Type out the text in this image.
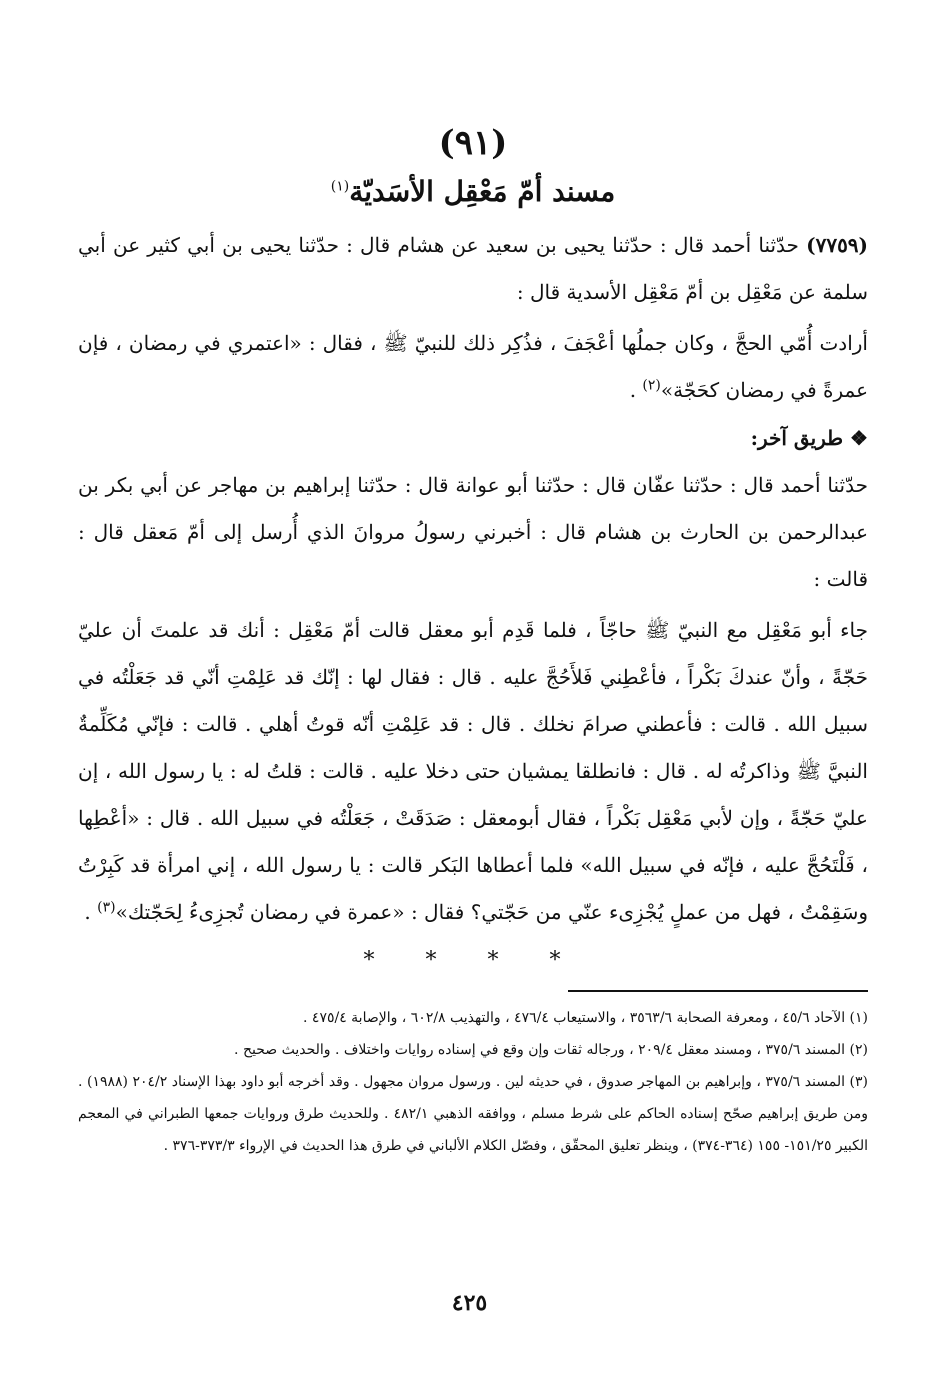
(٩١)
مسند أمّ مَعْقِل الأسَديّة$^{(١)}$

(٧٧٥٩) حدّثنا أحمد قال : حدّثنا يحيى بن سعيد عن هشام قال : حدّثنا يحيى بن أبي كثير عن أبي سلمة عن مَعْقِل بن أمّ مَعْقِل الأسدية قال :

أرادت أُمّي الحجَّ ، وكان جملُها أعْجَفَ ، فذُكِر ذلك للنبيّ ﷺ ، فقال : «اعتمري في رمضان ، فإن عمرةً في رمضان كحَجّة»$^{(٢)}$ .

❖ طريق آخر:

حدّثنا أحمد قال : حدّثنا عفّان قال : حدّثنا أبو عوانة قال : حدّثنا إبراهيم بن مهاجر عن أبي بكر بن عبدالرحمن بن الحارث بن هشام قال : أخبرني رسولُ مروانَ الذي أُرسل إلى أمّ مَعقل قال : قالت :

جاء أبو مَعْقِل مع النبيّ ﷺ حاجّاً ، فلما قَدِم أبو معقل قالت أمّ مَعْقِل : أنك قد علمتَ أن عليّ حَجّةً ، وأنّ عندكَ بَكْراً ، فأعْطِني فَلأَحُجَّ عليه . قال : فقال لها : إنّك قد عَلِمْتِ أنّي قد جَعَلْتُه في سبيل الله . قالت : فأعطني صرامَ نخلك . قال : قد عَلِمْتِ أنّه قوتُ أهلي . قالت : فإنّي مُكَلِّمةٌ النبيَّ ﷺ وذاكرتُه له . قال : فانطلقا يمشيان حتى دخلا عليه . قالت : قلتُ له : يا رسول الله ، إن عليّ حَجّةً ، وإن لأبي مَعْقِل بَكْراً ، فقال أبومعقل : صَدَقَتْ ، جَعَلْتُه في سبيل الله . قال : «أعْطِها ، فَلْتَحُجَّ عليه ، فإنّه في سبيل الله» فلما أعطاها البَكر قالت : يا رسول الله ، إني امرأة قد كَبِرْتُ وسَقِمْتُ ، فهل من عملٍ يُجْزِىء عنّي من حَجّتي؟ فقال : «عمرة في رمضان تُجزِىءُ لِحَجّتك»$^{(٣)}$ .

* * * *

(١) الآحاد ٤٥/٦ ، ومعرفة الصحابة ٣٥٦٣/٦ ، والاستيعاب ٤٧٦/٤ ، والتهذيب ٦٠٢/٨ ، والإصابة ٤٧٥/٤ .

(٢) المسند ٣٧٥/٦ ، ومسند معقل ٢٠٩/٤ ، ورجاله ثقات وإن وقع في إسناده روايات واختلاف . والحديث صحيح .

(٣) المسند ٣٧٥/٦ ، وإبراهيم بن المهاجر صدوق ، في حديثه لين . ورسول مروان مجهول . وقد أخرجه أبو داود بهذا الإسناد ٢٠٤/٢ (١٩٨٨) . ومن طريق إبراهيم صحّح إسناده الحاكم على شرط مسلم ، ووافقه الذهبي ٤٨٢/١ . وللحديث طرق وروايات جمعها الطبراني في المعجم الكبير ١٥١/٢٥- ١٥٥ (٣٦٤-٣٧٤) ، وينظر تعليق المحقّق ، وفصّل الكلام الألباني في طرق هذا الحديث في الإرواء ٣٧٣/٣-٣٧٦ .

٤٢٥
